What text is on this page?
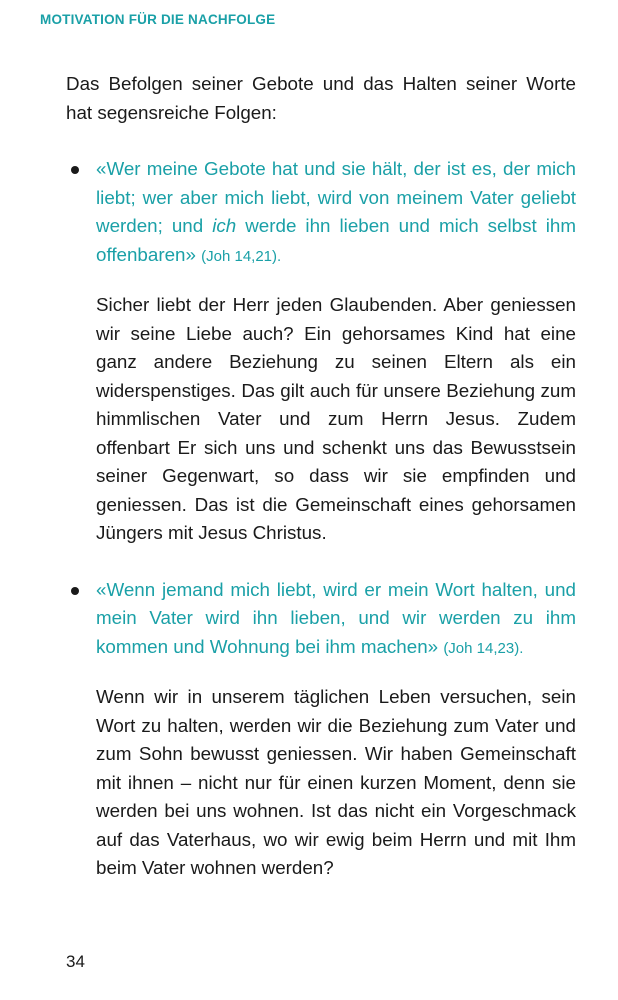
MOTIVATION FÜR DIE NACHFOLGE

Das Befolgen seiner Gebote und das Halten seiner Worte hat segensreiche Folgen:

«Wer meine Gebote hat und sie hält, der ist es, der mich liebt; wer aber mich liebt, wird von meinem Vater geliebt werden; und ich werde ihn lieben und mich selbst ihm offenbaren» (Joh 14,21).

Sicher liebt der Herr jeden Glaubenden. Aber geniessen wir seine Liebe auch? Ein gehorsames Kind hat eine ganz andere Beziehung zu seinen Eltern als ein widerspenstiges. Das gilt auch für unsere Beziehung zum himmlischen Vater und zum Herrn Jesus. Zudem offenbart Er sich uns und schenkt uns das Bewusstsein seiner Gegenwart, so dass wir sie empfinden und geniessen. Das ist die Gemeinschaft eines gehorsamen Jüngers mit Jesus Christus.

«Wenn jemand mich liebt, wird er mein Wort halten, und mein Vater wird ihn lieben, und wir werden zu ihm kommen und Wohnung bei ihm machen» (Joh 14,23).

Wenn wir in unserem täglichen Leben versuchen, sein Wort zu halten, werden wir die Beziehung zum Vater und zum Sohn bewusst geniessen. Wir haben Gemeinschaft mit ihnen – nicht nur für einen kurzen Moment, denn sie werden bei uns wohnen. Ist das nicht ein Vorgeschmack auf das Vaterhaus, wo wir ewig beim Herrn und mit Ihm beim Vater wohnen werden?

34
